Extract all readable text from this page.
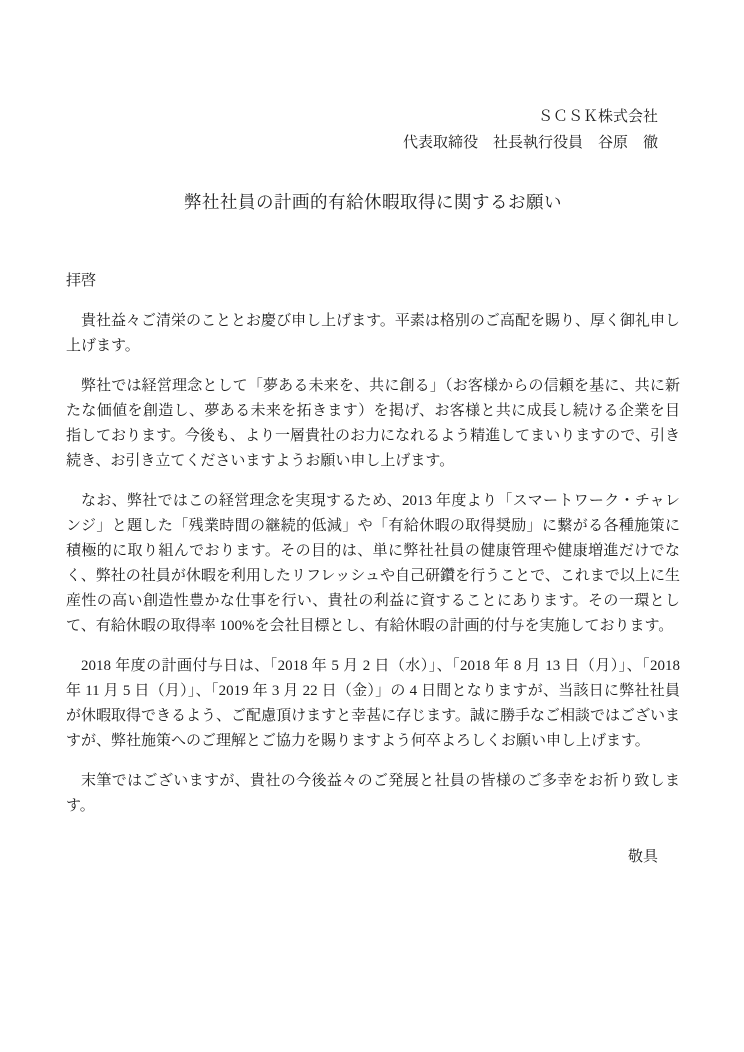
ＳＣＳＫ株式会社
代表取締役　社長執行役員　谷原　徹
弊社社員の計画的有給休暇取得に関するお願い
拝啓

貴社益々ご清栄のこととお慶び申し上げます。平素は格別のご高配を賜り、厚く御礼申し上げます。

弊社では経営理念として「夢ある未来を、共に創る」（お客様からの信頼を基に、共に新たな価値を創造し、夢ある未来を拓きます）を掲げ、お客様と共に成長し続ける企業を目指しております。今後も、より一層貴社のお力になれるよう精進してまいりますので、引き続き、お引き立てくださいますようお願い申し上げます。

なお、弊社ではこの経営理念を実現するため、2013 年度より「スマートワーク・チャレンジ」と題した「残業時間の継続的低減」や「有給休暇の取得奨励」に繋がる各種施策に積極的に取り組んでおります。その目的は、単に弊社社員の健康管理や健康増進だけでなく、弊社の社員が休暇を利用したリフレッシュや自己研鑽を行うことで、これまで以上に生産性の高い創造性豊かな仕事を行い、貴社の利益に資することにあります。その一環として、有給休暇の取得率 100%を会社目標とし、有給休暇の計画的付与を実施しております。

2018 年度の計画付与日は、「2018 年 5 月 2 日（水）」、「2018 年 8 月 13 日（月）」、「2018 年 11 月 5 日（月）」、「2019 年 3 月 22 日（金）」の 4 日間となりますが、当該日に弊社社員が休暇取得できるよう、ご配慮頂けますと幸甚に存じます。誠に勝手なご相談ではございますが、弊社施策へのご理解とご協力を賜りますよう何卒よろしくお願い申し上げます。

末筆ではございますが、貴社の今後益々のご発展と社員の皆様のご多幸をお祈り致します。

敬具
